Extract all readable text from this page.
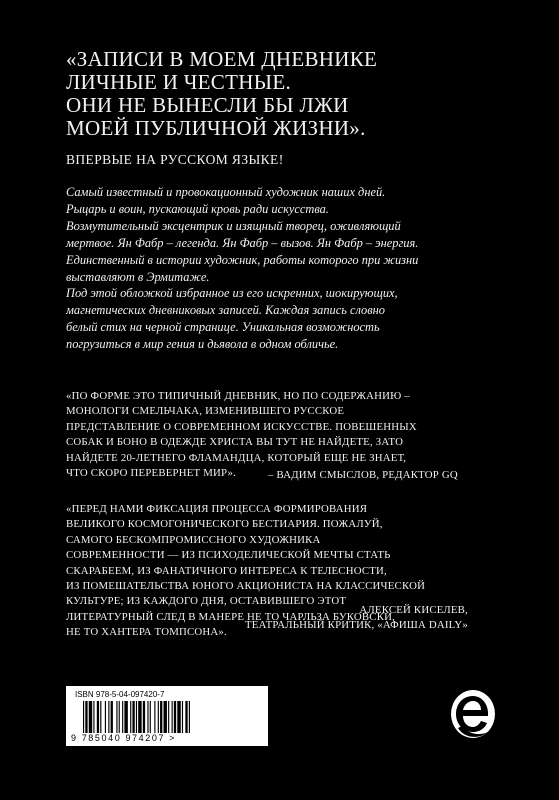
«ЗАПИСИ В МОЕМ ДНЕВНИКЕ
ЛИЧНЫЕ И ЧЕСТНЫЕ.
ОНИ НЕ ВЫНЕСЛИ БЫ ЛЖИ
МОЕЙ ПУБЛИЧНОЙ ЖИЗНИ».

ВПЕРВЫЕ НА РУССКОМ ЯЗЫКЕ!

Самый известный и провокационный художник наших дней.
Рыцарь и воин, пускающий кровь ради искусства.
Возмутительный эксцентрик и изящный творец, оживляющий
мертвое. Ян Фабр – легенда. Ян Фабр – вызов. Ян Фабр – энергия.
Единственный в истории художник, работы которого при жизни
выставляют в Эрмитаже.
Под этой обложкой избранное из его искренних, шокирующих,
магнетических дневниковых записей. Каждая запись словно
белый стих на черной странице. Уникальная возможность
погрузиться в мир гения и дьявола в одном обличье.
«ПО ФОРМЕ ЭТО ТИПИЧНЫЙ ДНЕВНИК, НО ПО СОДЕРЖАНИЮ –
МОНОЛОГИ СМЕЛЬЧАКА, ИЗМЕНИВШЕГО РУССКОЕ
ПРЕДСТАВЛЕНИЕ О СОВРЕМЕННОМ ИСКУССТВЕ. ПОВЕШЕННЫХ
СОБАК И БОНО В ОДЕЖДЕ ХРИСТА ВЫ ТУТ НЕ НАЙДЕТЕ, ЗАТО
НАЙДЕТЕ 20-ЛЕТНЕГО ФЛАМАНДЦА, КОТОРЫЙ ЕЩЕ НЕ ЗНАЕТ,
ЧТО СКОРО ПЕРЕВЕРНЕТ МИР».	– ВАДИМ СМЫСЛОВ, РЕДАКТОР GQ

«ПЕРЕД НАМИ ФИКСАЦИЯ ПРОЦЕССА ФОРМИРОВАНИЯ
ВЕЛИКОГО КОСМОГОНИЧЕСКОГО БЕСТИАРИЯ. ПОЖАЛУЙ,
САМОГО БЕСКОМПРОМИССНОГО ХУДОЖНИКА
СОВРЕМЕННОСТИ — ИЗ ПСИХОДЕЛИЧЕСКОЙ МЕЧТЫ СТАТЬ
СКАРАБЕЕМ, ИЗ ФАНАТИЧНОГО ИНТЕРЕСА К ТЕЛЕСНОСТИ,
ИЗ ПОМЕШАТЕЛЬСТВА ЮНОГО АКЦИОНИСТА НА КЛАССИЧЕСКОЙ
КУЛЬТУРЕ; ИЗ КАЖДОГО ДНЯ, ОСТАВИВШЕГО ЭТОТ
ЛИТЕРАТУРНЫЙ СЛЕД В МАНЕРЕ НЕ ТО ЧАРЛЬЗА БУКОВСКИ,
НЕ ТО ХАНТЕРА ТОМПСОНА».
АЛЕКСЕЙ КИСЕЛЕВ,
ТЕАТРАЛЬНЫЙ КРИТИК, «АФИША DAILY»

ISBN 978-5-04-097420-7

9 785040 974207 >
